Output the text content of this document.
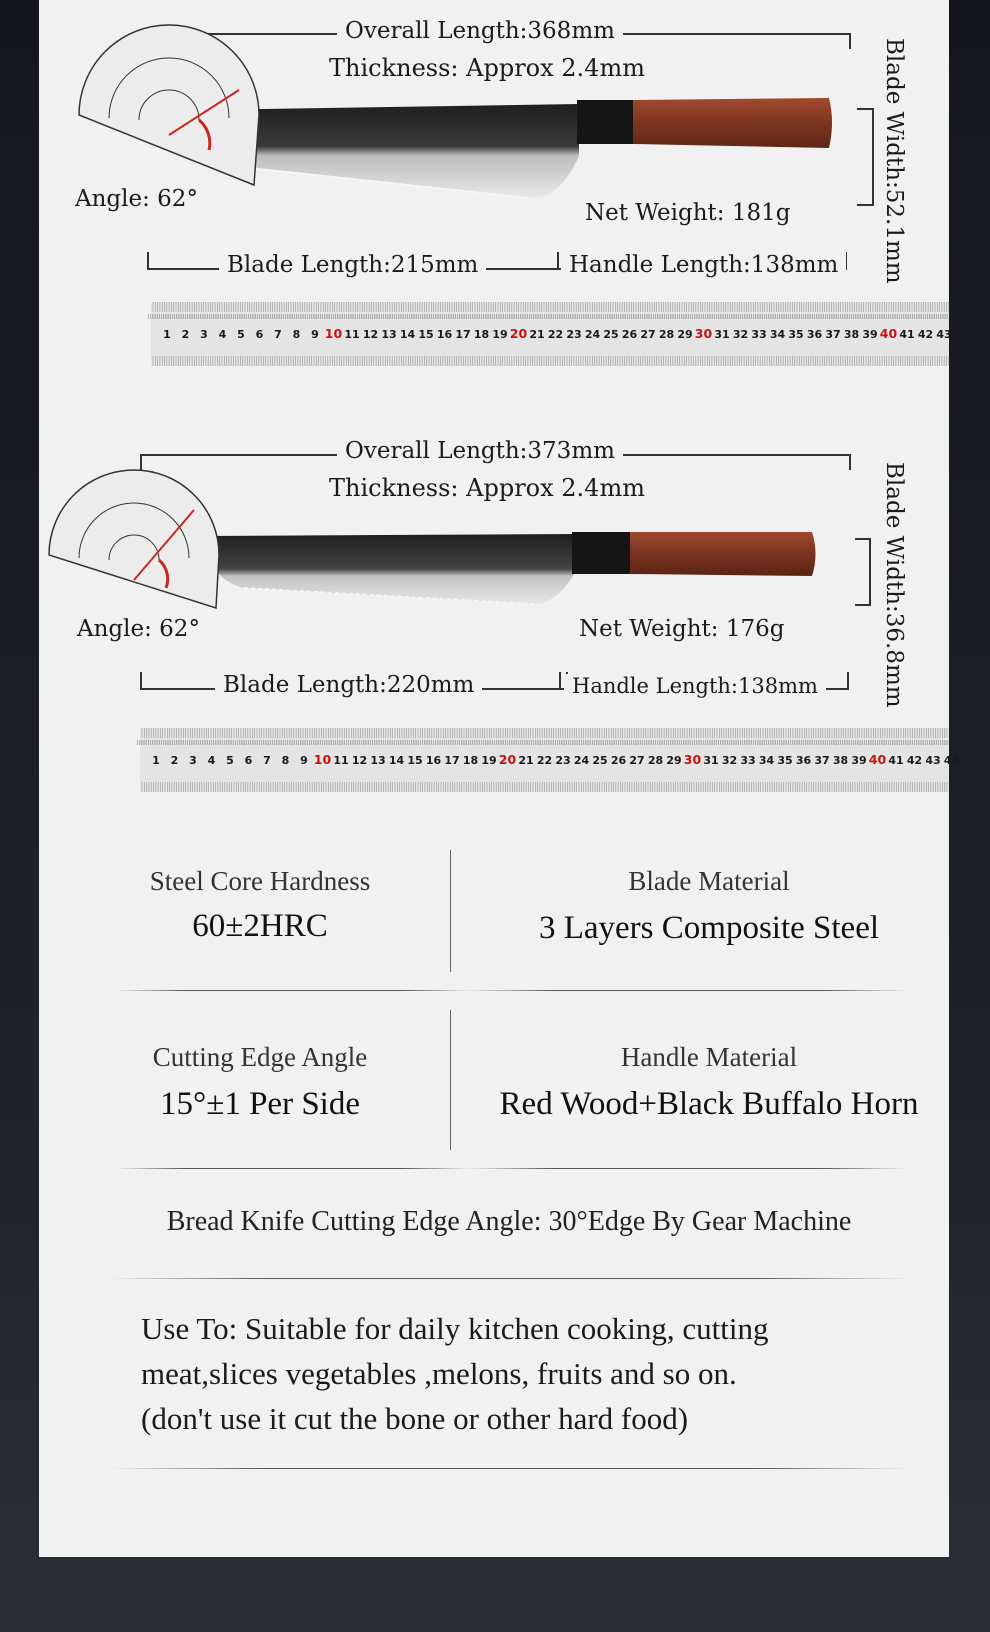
Overall Length:368mm
Thickness: Approx 2.4mm
Angle: 62°
Net Weight: 181g
Blade Length:215mm	Handle Length:138mm	Blade Width:52.1mm
1 2 3 4 5 6 7 8 9 10 11 12 13 14 15 16 17 18 19 20 21 22 23 24 25 26 27 28 29 30 31 32 33 34 35 36 37 38 39 40 41 42 43
Overall Length:373mm
Thickness: Approx 2.4mm
Angle: 62°	Net Weight: 176g
Blade Length:220mm	Handle Length:138mm	Blade Width:36.8mm
1 2 3 4 5 6 7 8 9 10 11 12 13 14 15 16 17 18 19 20 21 22 23 24 25 26 27 28 29 30 31 32 33 34 35 36 37 38 39 40 41 42 43 44
Steel Core Hardness
60±2HRC
Blade Material
3 Layers Composite Steel
Cutting Edge Angle
15°±1 Per Side
Handle Material
Red Wood+Black Buffalo Horn
Bread Knife Cutting Edge Angle: 30°Edge By Gear Machine
Use To: Suitable for daily kitchen cooking, cutting
meat,slices vegetables ,melons, fruits and so on.
(don't use it cut the bone or other hard food)
